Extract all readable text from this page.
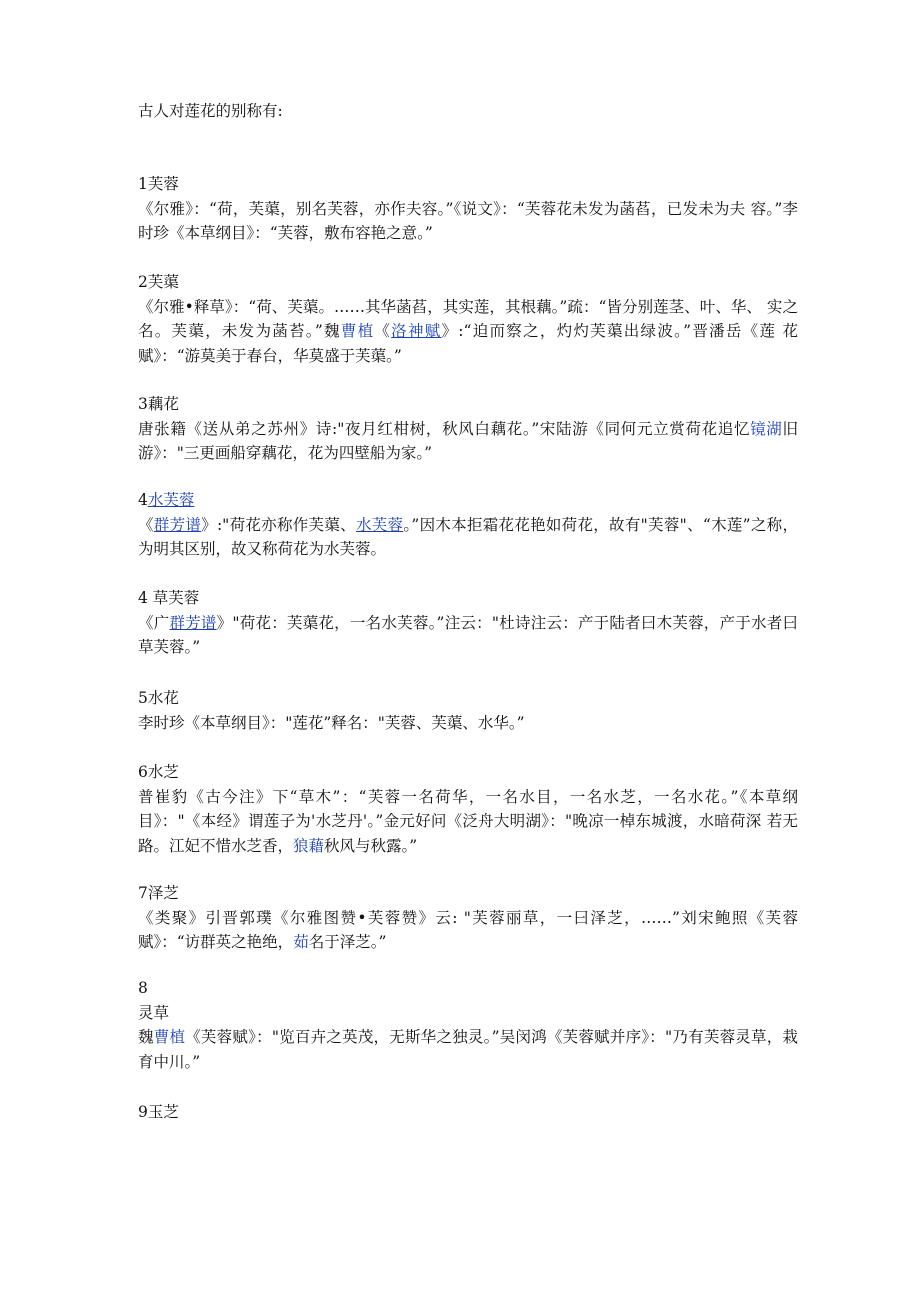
古人对莲花的别称有:
1芙蓉
《尔雅》：“荷，芙蕖，别名芙蓉，亦作夫容。”《说文》：“芙蓉花未发为菡萏，已发未为夫 容。”李时珍《本草纲目》：“芙蓉，敷布容艳之意。”
2芙蕖
《尔雅•释草》：“荷、芙蕖。……其华菡萏，其实莲，其根藕。”疏：“皆分别莲茎、叶、华、 实之名。芙蕖，未发为菡苔。”魏曹植《洛神赋》:“迫而察之，灼灼芙蕖出绿波。”晋潘岳《莲 花赋》：“游莫美于春台，华莫盛于芙蕖。”
3藕花
唐张籍《送从弟之苏州》诗:"夜月红柑树，秋风白藕花。”宋陆游《同何元立赏荷花追忆镜湖旧游》："三更画船穿藕花，花为四壁船为家。”
4水芙蓉
《群芳谱》:"荷花亦称作芙蕖、水芙蓉。”因木本拒霜花花艳如荷花，故有"芙蓉"、“木莲”之称，为明其区别，故又称荷花为水芙蓉。
4 草芙蓉
《广群芳谱》"荷花：芙蕖花，一名水芙蓉。”注云："杜诗注云：产于陆者曰木芙蓉，产于水者曰草芙蓉。”
5水花
李时珍《本草纲目》："莲花”释名："芙蓉、芙蕖、水华。”
6水芝
普崔豹《古今注》下“草木”：“芙蓉一名荷华，一名水目，一名水芝，一名水花。”《本草纲目》："《本经》谓莲子为'水芝丹'。”金元好问《泛舟大明湖》："晚凉一棹东城渡，水暗荷深 若无路。江妃不惜水芝香，狼藉秋风与秋露。”
7泽芝
《类聚》引晋郭璞《尔雅图赞•芙蓉赞》云: "芙蓉丽草，一曰泽芝，……”刘宋鲍照《芙蓉 赋》：“访群英之艳绝，茹名于泽芝。”
8
灵草
魏曹植《芙蓉赋》："览百卉之英茂，无斯华之独灵。”吴闵鸿《芙蓉赋并序》："乃有芙蓉灵草，栽育中川。”
9玉芝
